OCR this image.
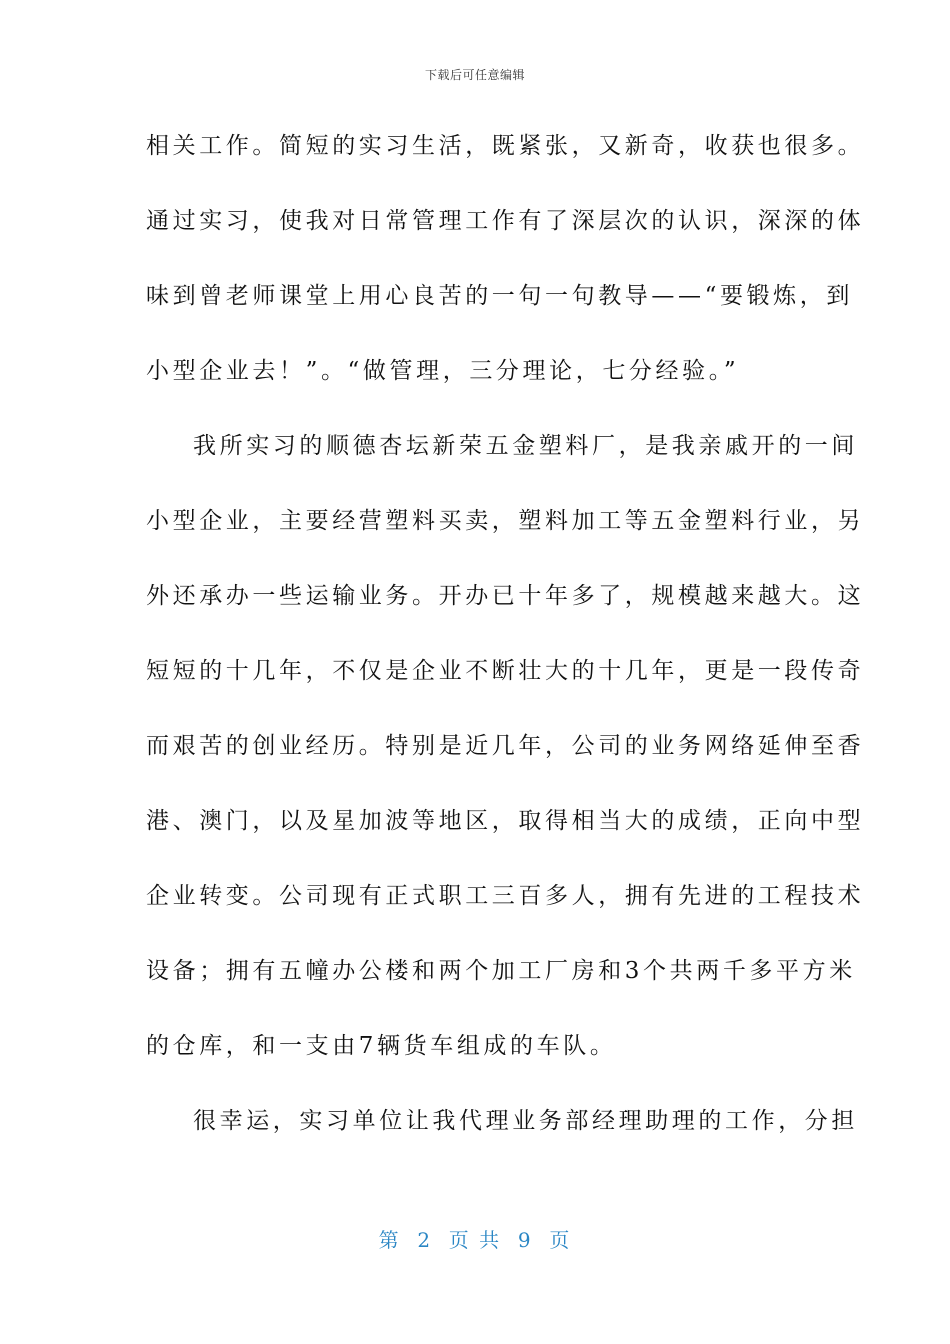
下载后可任意编辑
相关工作。简短的实习生活，既紧张，又新奇，收获也很多。
通过实习，使我对日常管理工作有了深层次的认识，深深的体
味到曾老师课堂上用心良苦的一句一句教导——“要锻炼，到
小型企业去！”。“做管理，三分理论，七分经验。”
我所实习的顺德杏坛新荣五金塑料厂，是我亲戚开的一间
小型企业，主要经营塑料买卖，塑料加工等五金塑料行业，另
外还承办一些运输业务。开办已十年多了，规模越来越大。这
短短的十几年，不仅是企业不断壮大的十几年，更是一段传奇
而艰苦的创业经历。特别是近几年，公司的业务网络延伸至香
港、澳门，以及星加波等地区，取得相当大的成绩，正向中型
企业转变。公司现有正式职工三百多人，拥有先进的工程技术
设备；拥有五幢办公楼和两个加工厂房和3个共两千多平方米
的仓库，和一支由7辆货车组成的车队。
很幸运，实习单位让我代理业务部经理助理的工作，分担
第  2  页 共  9  页
